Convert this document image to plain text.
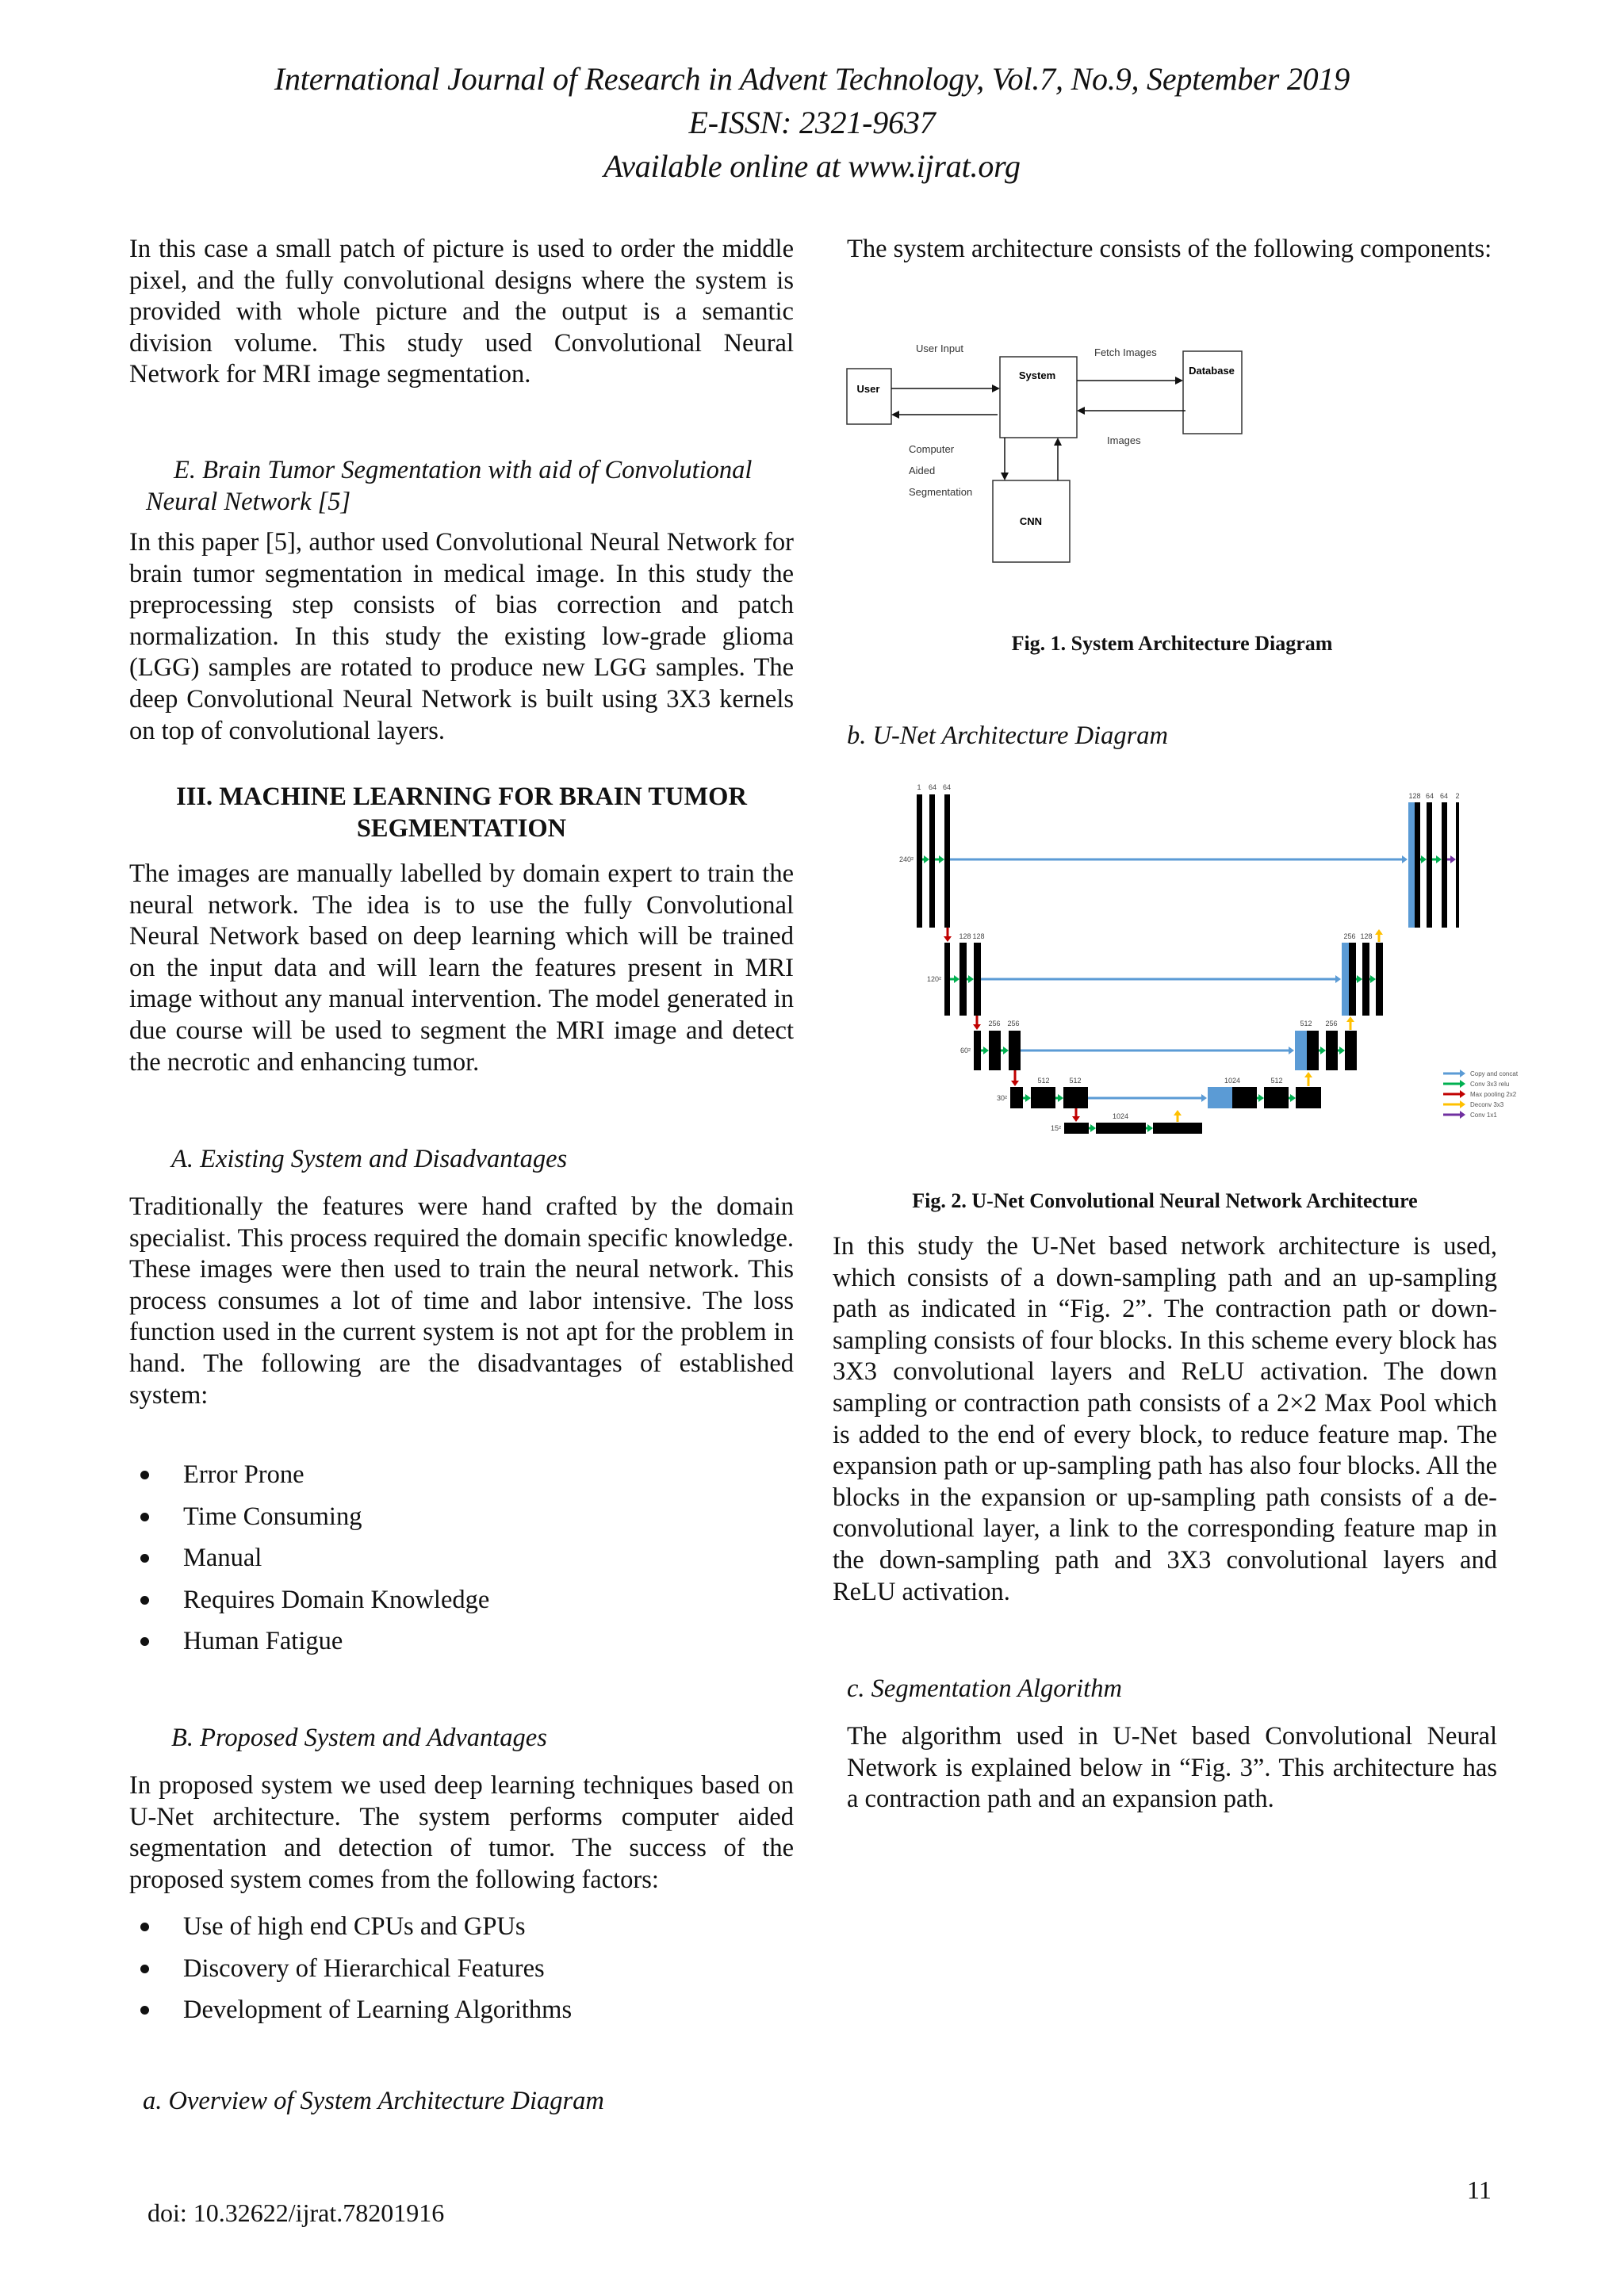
International Journal of Research in Advent Technology, Vol.7, No.9, September 2019
E-ISSN: 2321-9637
Available online at www.ijrat.org
In this case a small patch of picture is used to order the middle pixel, and the fully convolutional designs where the system is provided with whole picture and the output is a semantic division volume. This study used Convolutional Neural Network for MRI image segmentation.
E. Brain Tumor Segmentation with aid of Convolutional
Neural Network [5]
In this paper [5], author used Convolutional Neural Network for brain tumor segmentation in medical image. In this study the preprocessing step consists of bias correction and patch normalization. In this study the existing low-grade glioma (LGG) samples are rotated to produce new LGG samples. The deep Convolutional Neural Network is built using 3X3 kernels on top of convolutional layers.
III. MACHINE LEARNING FOR BRAIN TUMOR
SEGMENTATION
The images are manually labelled by domain expert to train the neural network. The idea is to use the fully Convolutional Neural Network based on deep learning which will be trained on the input data and will learn the features present in MRI image without any manual intervention. The model generated in due course will be used to segment the MRI image and detect the necrotic and enhancing tumor.
A. Existing System and Disadvantages
Traditionally the features were hand crafted by the domain specialist. This process required the domain specific knowledge. These images were then used to train the neural network. This process consumes a lot of time and labor intensive. The loss function used in the current system is not apt for the problem in hand. The following are the disadvantages of established system:
Error Prone
Time Consuming
Manual
Requires Domain Knowledge
Human Fatigue
B. Proposed System and Advantages
In proposed system we used deep learning techniques based on U-Net architecture. The system performs computer aided segmentation and detection of tumor. The success of the proposed system comes from the following factors:
Use of high end CPUs and GPUs
Discovery of Hierarchical Features
Development of Learning Algorithms
a. Overview of System Architecture Diagram
The system architecture consists of the following components:
User
System	Database
CNN
User Input	Fetch Images
Images
Computer
Aided
Segmentation
Fig. 1. System Architecture Diagram
b. U-Net Architecture Diagram
1 64 64
240²
128 64 64 2
128 128
120²
256 128
256 256
60²
512 256
512	512
30²
1024	512
1024
15²
Copy and concat
Conv 3x3 relu
Max pooling 2x2
Deconv 3x3
Conv 1x1
Fig. 2. U-Net Convolutional Neural Network Architecture
In this study the U-Net based network architecture is used, which consists of a down-sampling path and an up-sampling path as indicated in “Fig. 2”. The contraction path or down-sampling consists of four blocks. In this scheme every block has 3X3 convolutional layers and ReLU activation. The down sampling or contraction path consists of a 2×2 Max Pool which is added to the end of every block, to reduce feature map. The expansion path or up-sampling path has also four blocks. All the blocks in the expansion or up-sampling path consists of a de-convolutional layer, a link to the corresponding feature map in the down-sampling path and 3X3 convolutional layers and ReLU activation.
c. Segmentation Algorithm
The algorithm used in U-Net based Convolutional Neural Network is explained below in “Fig. 3”. This architecture has a contraction path and an expansion path.
doi: 10.32622/ijrat.78201916
11
